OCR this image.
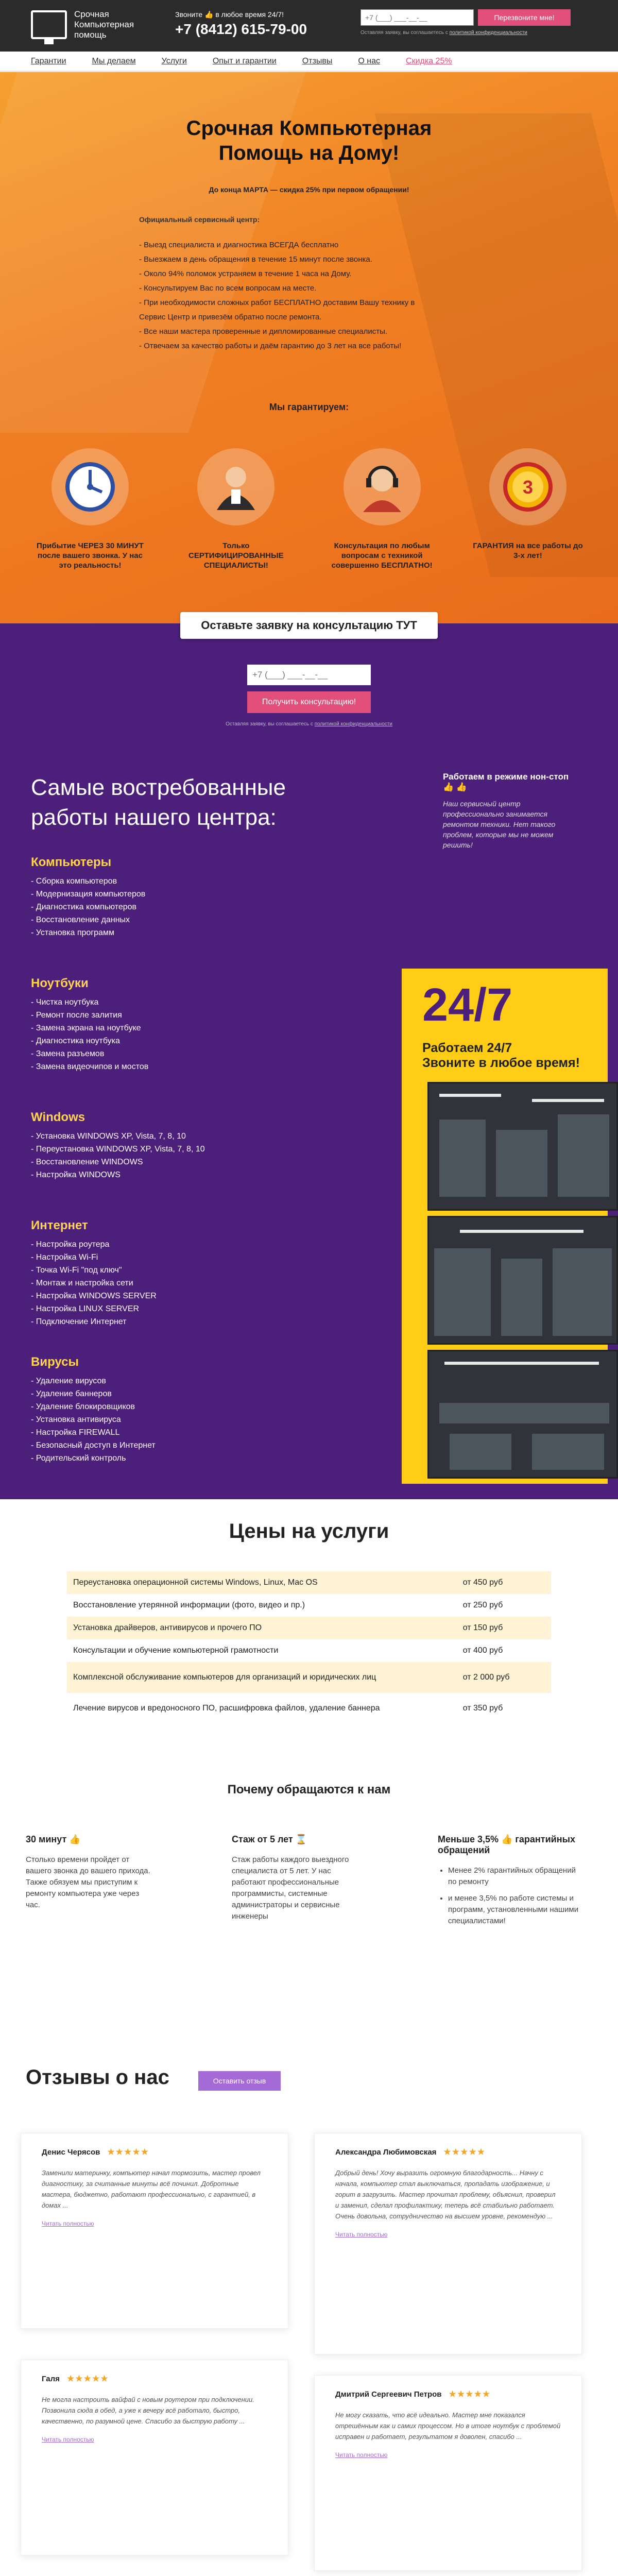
Срочная Компьютерная помощь
Звоните 👍 в любое время 24/7!
+7 (8412) 615-79-00
+7 (___) ___-__-__
Перезвоните мне!
Оставляя заявку, вы соглашаетесь с политикой конфиденциальности
Гарантии	Мы делаем	Услуги	Опыт и гарантии	Отзывы	О нас	Скидка 25%
Срочная Компьютерная
Помощь на Дому!
До конца МАРТА — скидка 25% при первом обращении!
Официальный сервисный центр:
- Выезд специалиста и диагностика ВСЕГДА бесплатно
- Выезжаем в день обращения в течение 15 минут после звонка.
- Около 94% поломок устраняем в течение 1 часа на Дому.
- Консультируем Вас по всем вопросам на месте.
- При необходимости сложных работ БЕСПЛАТНО доставим Вашу технику в
Сервис Центр и привезём обратно после ремонта.
- Все наши мастера проверенные и дипломированные специалисты.
- Отвечаем за качество работы и даём гарантию до 3 лет на все работы!
Мы гарантируем:
Прибытие ЧЕРЕЗ 30 МИНУТ после вашего звонка. У нас это реальность!
Только СЕРТИФИЦИРОВАННЫЕ СПЕЦИАЛИСТЫ!
Консультация по любым вопросам с техникой совершенно БЕСПЛАТНО!
3
ГАРАНТИЯ на все работы до 3-х лет!
Оставьте заявку на консультацию ТУТ
+7 (___) ___-__-__
Получить консультацию!
Оставляя заявку, вы соглашаетесь с политикой конфиденциальности
Самые востребованные работы нашего центра:
Работаем в режиме нон-стоп 👍 👍
Наш сервисный центр профессионально занимается ремонтом техники. Нет такого проблем, которые мы не можем решить!
Компьютеры
- Сборка компьютеров
- Модернизация компьютеров
- Диагностика компьютеров
- Восстановление данных
- Установка программ
Ноутбуки
- Чистка ноутбука
- Ремонт после залития
- Замена экрана на ноутбуке
- Диагностика ноутбука
- Замена разъемов
- Замена видеочипов и мостов
Windows
- Установка WINDOWS XP, Vista, 7, 8, 10
- Переустановка WINDOWS XP, Vista, 7, 8, 10
- Восстановление WINDOWS
- Настройка WINDOWS
Интернет
- Настройка роутера
- Настройка Wi-Fi
- Точка Wi-Fi "под ключ"
- Монтаж и настройка сети
- Настройка WINDOWS SERVER
- Настройка LINUX SERVER
- Подключение Интернет
Вирусы
- Удаление вирусов
- Удаление баннеров
- Удаление блокировщиков
- Установка антивируса
- Настройка FIREWALL
- Безопасный доступ в Интернет
- Родительский контроль
24/7
Работаем 24/7
Звоните в любое время!
Цены на услуги
Переустановка операционной системы Windows, Linux, Mac OS	от 450 руб
Восстановление утерянной информации (фото, видео и пр.)	от 250 руб
Установка драйверов, антивирусов и прочего ПО	от 150 руб
Консультации и обучение компьютерной грамотности	от 400 руб
Комплексной обслуживание компьютеров для организаций и юридических лиц	от 2 000 руб
Лечение вирусов и вредоносного ПО, расшифровка файлов, удаление баннера	от 350 руб
Почему обращаются к нам
30 минут 👍

Столько времени пройдет от вашего звонка до вашего прихода. Также обязуем мы приступим к ремонту компьютера уже через час.

Стаж от 5 лет ⌛

Стаж работы каждого выездного специалиста от 5 лет. У нас работают профессиональные программисты, системные администраторы и сервисные инженеры

Меньше 3,5% 👍 гарантийных обращений
• Менее 2% гарантийных обращений по ремонту
• и менее 3,5% по работе системы и программ, установленными нашими специалистами!
Отзывы о нас	Оставить отзыв
Денис Черясов ★★★★★

Заменили материнку, компьютер начал тормозить, мастер провел диагностику, за считанные минуты всё починил. Добротные мастера, бюджетно, работают профессионально, с гарантией, в домах ...

Читать полностью
Александра Любимовская ★★★★★

Добрый день! Хочу выразить огромную благодарность... Начну с начала, компьютер стал выключаться, пропадать изображение, и горит в загрузить. Мастер прочитал проблему, объяснил, проверил и заменил, сделал профилактику, теперь всё стабильно работает. Очень довольна, сотрудничество на высшем уровне, рекомендую ...

Читать полностью
Галя ★★★★★

Не могла настроить вайфай с новым роутером при подключении. Позвонила сюда в обед, а уже к вечеру всё работало, быстро, качественно, по разумной цене. Спасибо за быструю работу ...

Читать полностью
Дмитрий Сергеевич Петров ★★★★★

Не могу сказать, что всё идеально. Мастер мне показался отрешённым как и самих процессом. Но в итоге ноутбук с проблемой исправен и работает, результатом я доволен, спасибо ...

Читать полностью
